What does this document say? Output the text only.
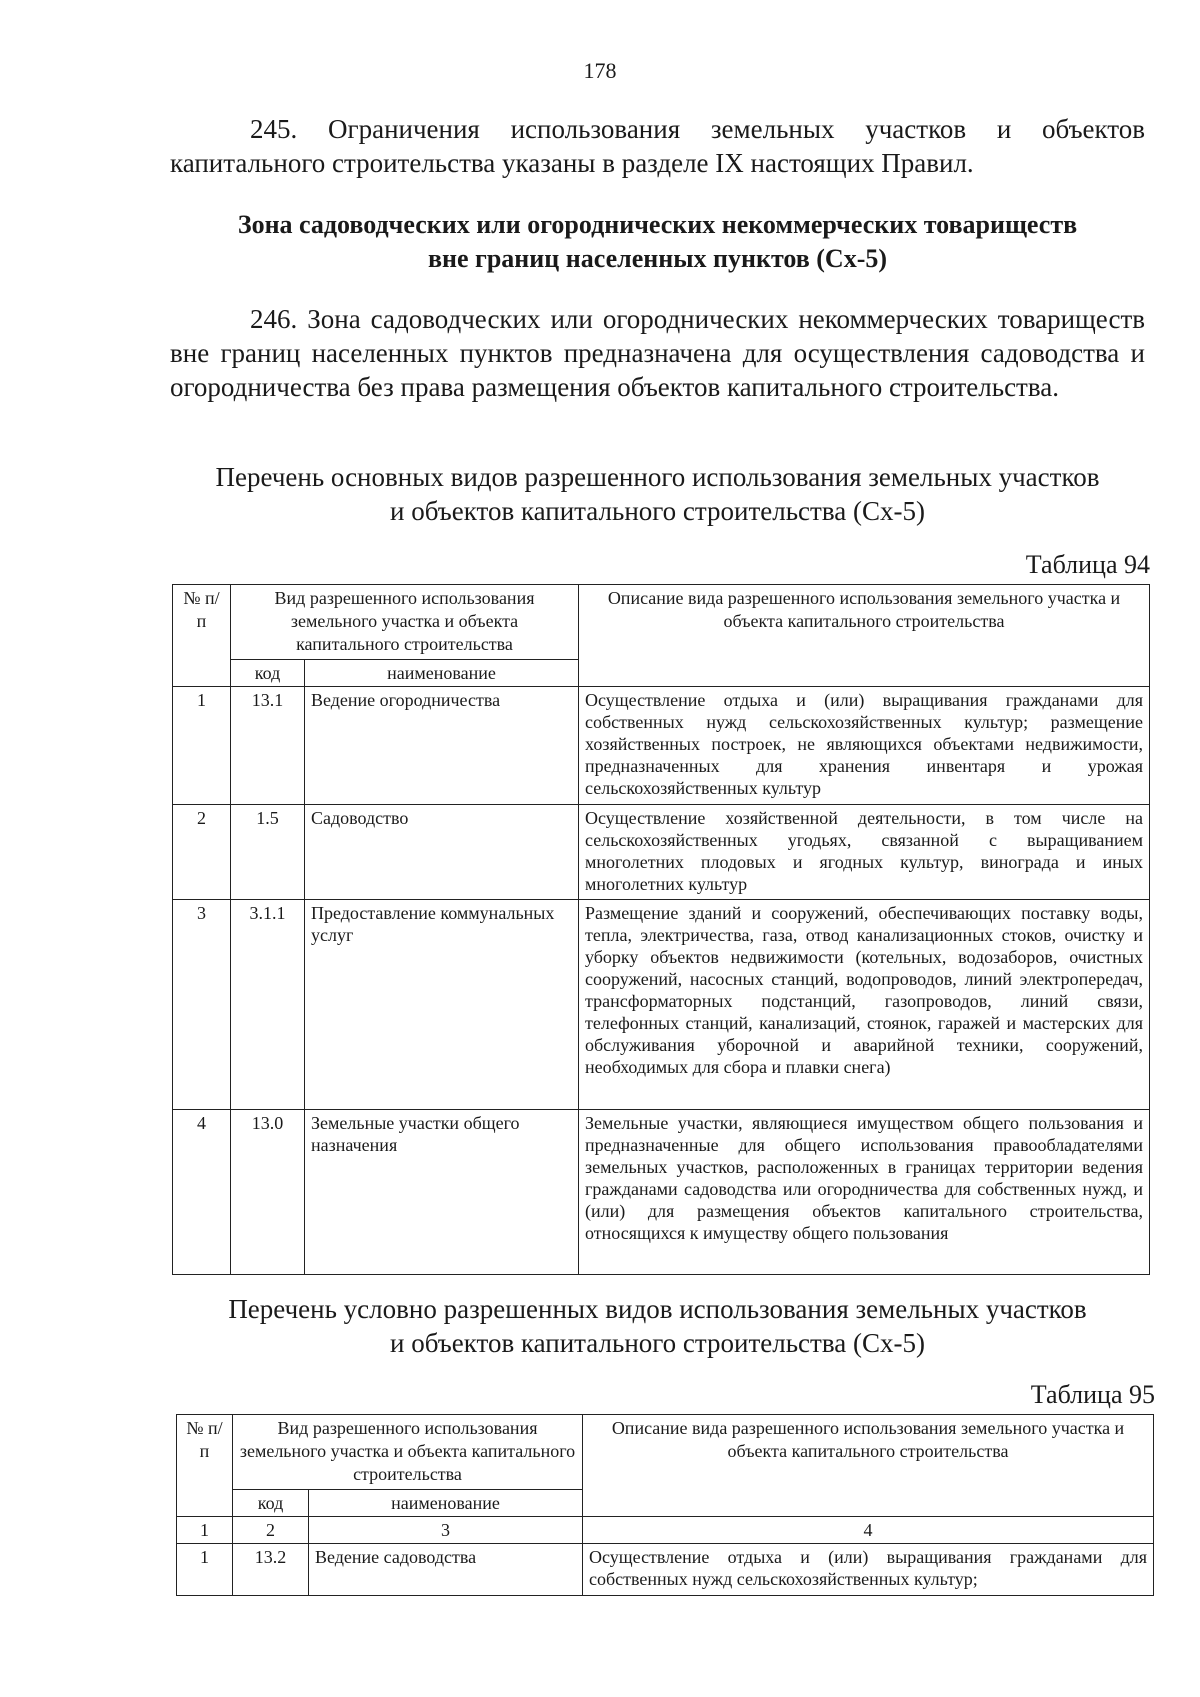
178
245. Ограничения использования земельных участков и объектов капитального строительства указаны в разделе IX настоящих Правил.
Зона садоводческих или огороднических некоммерческих товариществ
вне границ населенных пунктов (Сх-5)
246. Зона садоводческих или огороднических некоммерческих товариществ вне границ населенных пунктов предназначена для осуществления садоводства и огородничества без права размещения объектов капитального строительства.
Перечень основных видов разрешенного использования земельных участков
и объектов капитального строительства (Сх-5)
Таблица 94
№ п/п	Вид разрешенного использования земельного участка и объекта капитального строительства		Описание вида разрешенного использования земельного участка и объекта капитального строительства
	код	наименование	
1	13.1	Ведение огородничества	Осуществление отдыха и (или) выращивания гражданами для собственных нужд сельскохозяйственных культур; размещение хозяйственных построек, не являющихся объектами недвижимости, предназначенных для хранения инвентаря и урожая сельскохозяйственных культур
2	1.5	Садоводство	Осуществление хозяйственной деятельности, в том числе на сельскохозяйственных угодьях, связанной с выращиванием многолетних плодовых и ягодных культур, винограда и иных многолетних культур
3	3.1.1	Предоставление коммунальных услуг	Размещение зданий и сооружений, обеспечивающих поставку воды, тепла, электричества, газа, отвод канализационных стоков, очистку и уборку объектов недвижимости (котельных, водозаборов, очистных сооружений, насосных станций, водопроводов, линий электропередач, трансформаторных подстанций, газопроводов, линий связи, телефонных станций, канализаций, стоянок, гаражей и мастерских для обслуживания уборочной и аварийной техники, сооружений, необходимых для сбора и плавки снега)
4	13.0	Земельные участки общего назначения	Земельные участки, являющиеся имуществом общего пользования и предназначенные для общего использования правообладателями земельных участков, расположенных в границах территории ведения гражданами садоводства или огородничества для собственных нужд, и (или) для размещения объектов капитального строительства, относящихся к имуществу общего пользования
Перечень условно разрешенных видов использования земельных участков
и объектов капитального строительства (Сх-5)
Таблица 95
№ п/п	Вид разрешенного использования земельного участка и объекта капитального строительства		Описание вида разрешенного использования земельного участка и объекта капитального строительства
	код	наименование	
1	2	3	4
1	13.2	Ведение садоводства	Осуществление отдыха и (или) выращивания гражданами для собственных нужд сельскохозяйственных культур;
